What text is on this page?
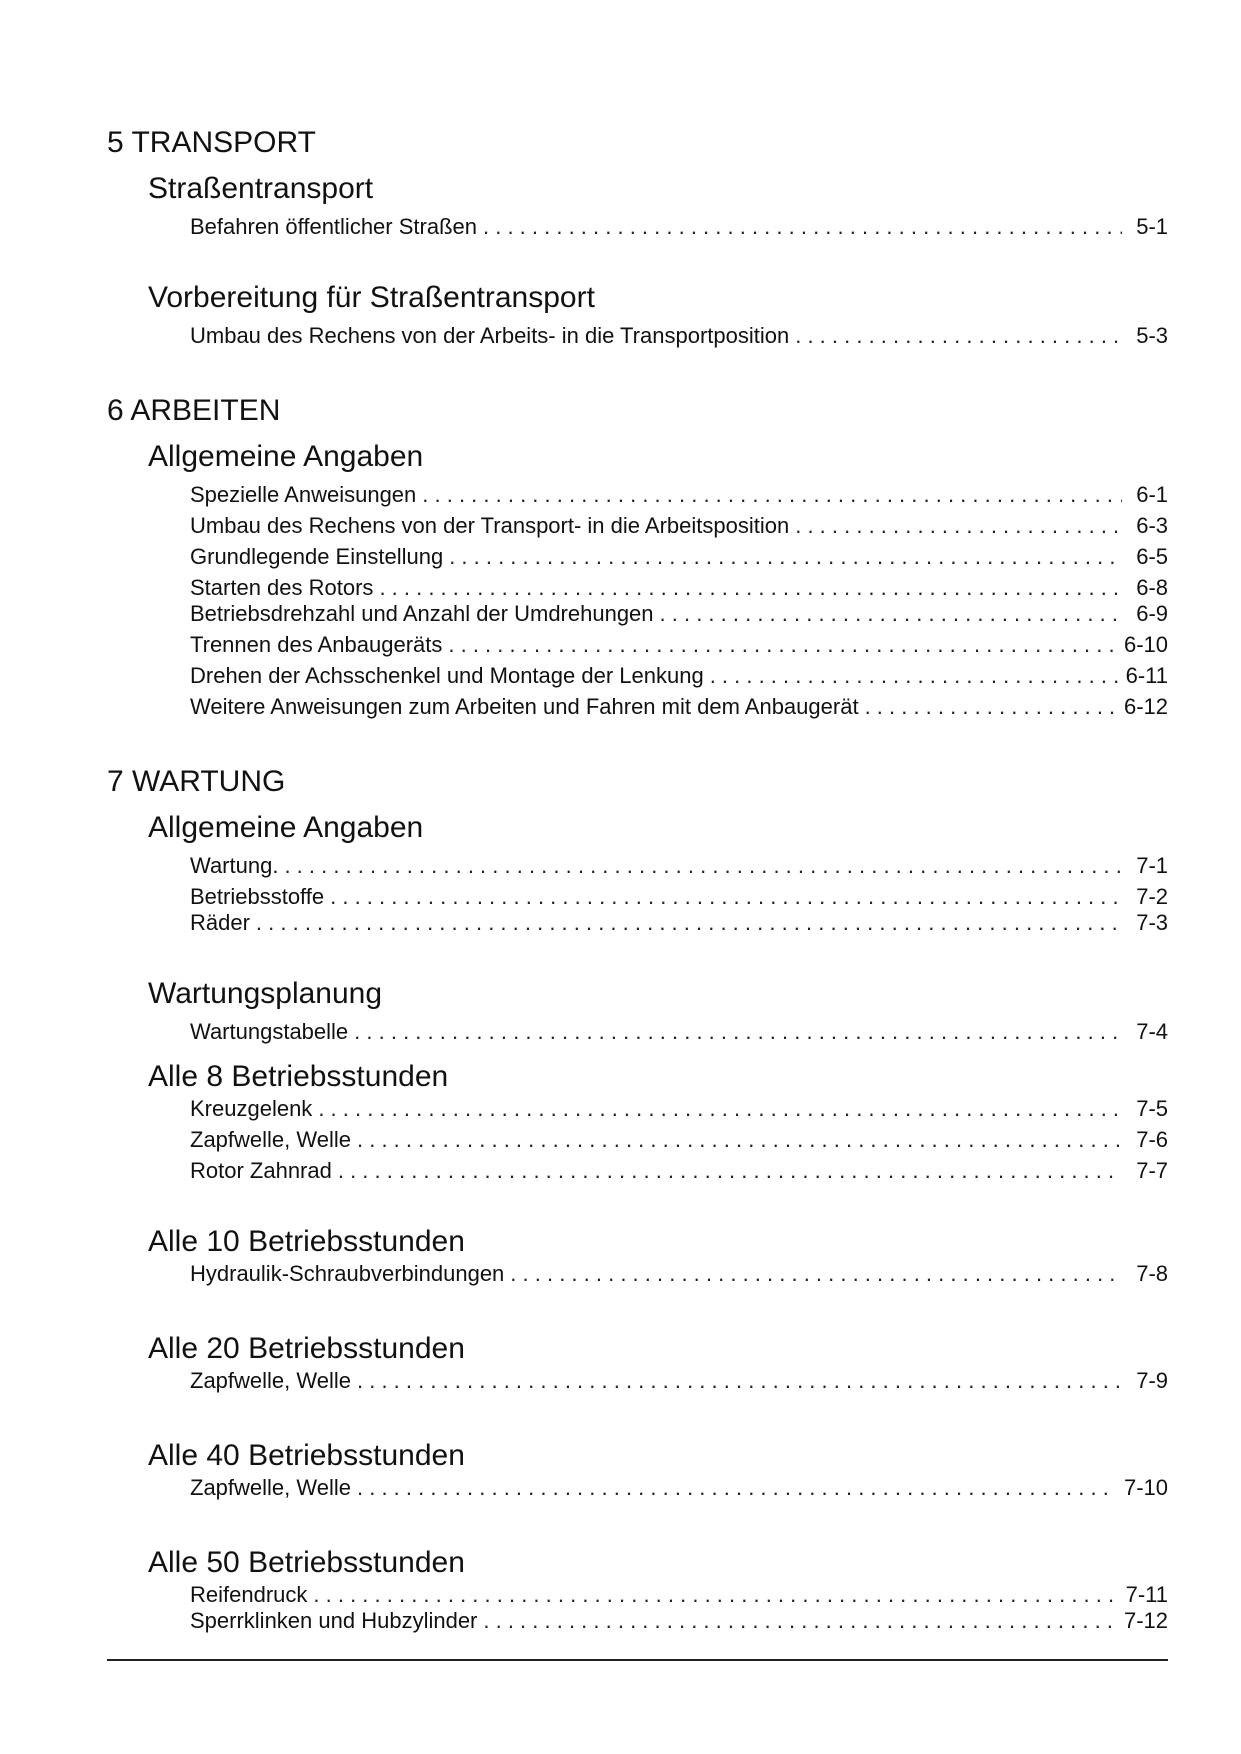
5 TRANSPORT
Straßentransport
Befahren öffentlicher Straßen . . .	5-1
Vorbereitung für Straßentransport
Umbau des Rechens von der Arbeits- in die Transportposition . . .	5-3
6 ARBEITEN
Allgemeine Angaben
Spezielle Anweisungen . . .	6-1
Umbau des Rechens von der Transport- in die Arbeitsposition . . .	6-3
Grundlegende Einstellung . . .	6-5
Starten des Rotors . . .	6-8
Betriebsdrehzahl und Anzahl der Umdrehungen . . .	6-9
Trennen des Anbaugeräts . . .	6-10
Drehen der Achsschenkel und Montage der Lenkung . . .	6-11
Weitere Anweisungen zum Arbeiten und Fahren mit dem Anbaugerät . . .	6-12
7 WARTUNG
Allgemeine Angaben
Wartung. . . .	7-1
Betriebsstoffe . . .	7-2
Räder . . .	7-3
Wartungsplanung
Wartungstabelle . . .	7-4
Alle 8 Betriebsstunden
Kreuzgelenk . . .	7-5
Zapfwelle, Welle . . .	7-6
Rotor Zahnrad . . .	7-7
Alle 10 Betriebsstunden
Hydraulik-Schraubverbindungen . . .	7-8
Alle 20 Betriebsstunden
Zapfwelle, Welle . . .	7-9
Alle 40 Betriebsstunden
Zapfwelle, Welle . . .	7-10
Alle 50 Betriebsstunden
Reifendruck . . .	7-11
Sperrklinken und Hubzylinder . . .	7-12
